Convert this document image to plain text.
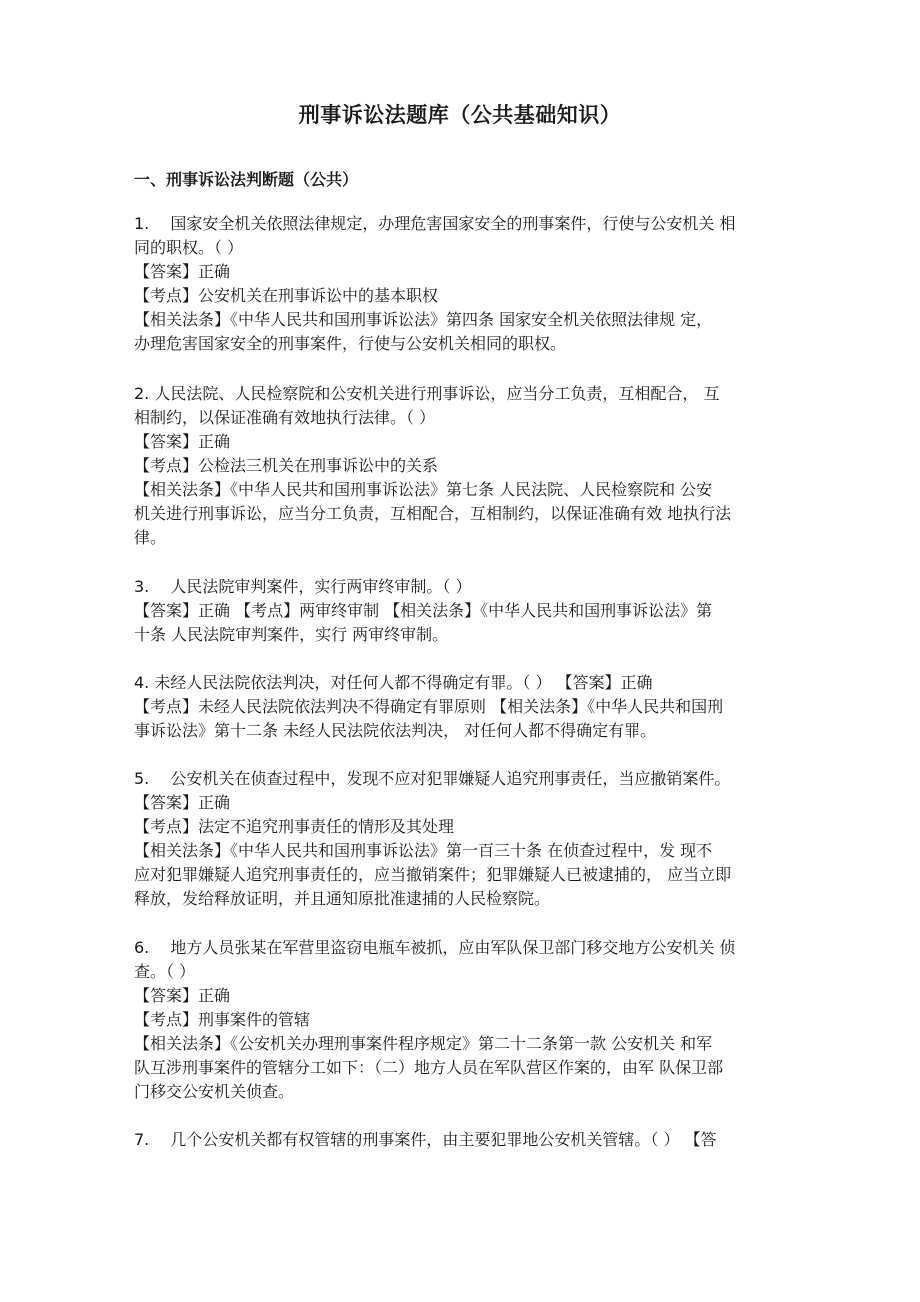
刑事诉讼法题库（公共基础知识）
一、刑事诉讼法判断题（公共）
1.　 国家安全机关依照法律规定，办理危害国家安全的刑事案件，行使与公安机关 相
同的职权。（ ）
【答案】正确
【考点】公安机关在刑事诉讼中的基本职权
【相关法条】《中华人民共和国刑事诉讼法》第四条 国家安全机关依照法律规 定，
办理危害国家安全的刑事案件，行使与公安机关相同的职权。
2. 人民法院、人民检察院和公安机关进行刑事诉讼，应当分工负责，互相配合， 互
相制约，以保证准确有效地执行法律。（ ）
【答案】正确
【考点】公检法三机关在刑事诉讼中的关系
【相关法条】《中华人民共和国刑事诉讼法》第七条 人民法院、人民检察院和 公安
机关进行刑事诉讼，应当分工负责，互相配合，互相制约，以保证准确有效 地执行法
律。
3.　 人民法院审判案件，实行两审终审制。（ ）
【答案】正确 【考点】两审终审制 【相关法条】《中华人民共和国刑事诉讼法》第
十条 人民法院审判案件，实行 两审终审制。
4. 未经人民法院依法判决，对任何人都不得确定有罪。（ ） 【答案】正确
【考点】未经人民法院依法判决不得确定有罪原则 【相关法条】《中华人民共和国刑
事诉讼法》第十二条 未经人民法院依法判决， 对任何人都不得确定有罪。
5.　 公安机关在侦查过程中，发现不应对犯罪嫌疑人追究刑事责任，当应撤销案件。
【答案】正确
【考点】法定不追究刑事责任的情形及其处理
【相关法条】《中华人民共和国刑事诉讼法》第一百三十条 在侦查过程中，发 现不
应对犯罪嫌疑人追究刑事责任的，应当撤销案件；犯罪嫌疑人已被逮捕的， 应当立即
释放，发给释放证明，并且通知原批准逮捕的人民检察院。
6.　 地方人员张某在军营里盗窃电瓶车被抓，应由军队保卫部门移交地方公安机关 侦
查。（ ）
【答案】正确
【考点】刑事案件的管辖
【相关法条】《公安机关办理刑事案件程序规定》第二十二条第一款 公安机关 和军
队互涉刑事案件的管辖分工如下：（二）地方人员在军队营区作案的，由军 队保卫部
门移交公安机关侦查。
7.　 几个公安机关都有权管辖的刑事案件，由主要犯罪地公安机关管辖。（ ） 【答
